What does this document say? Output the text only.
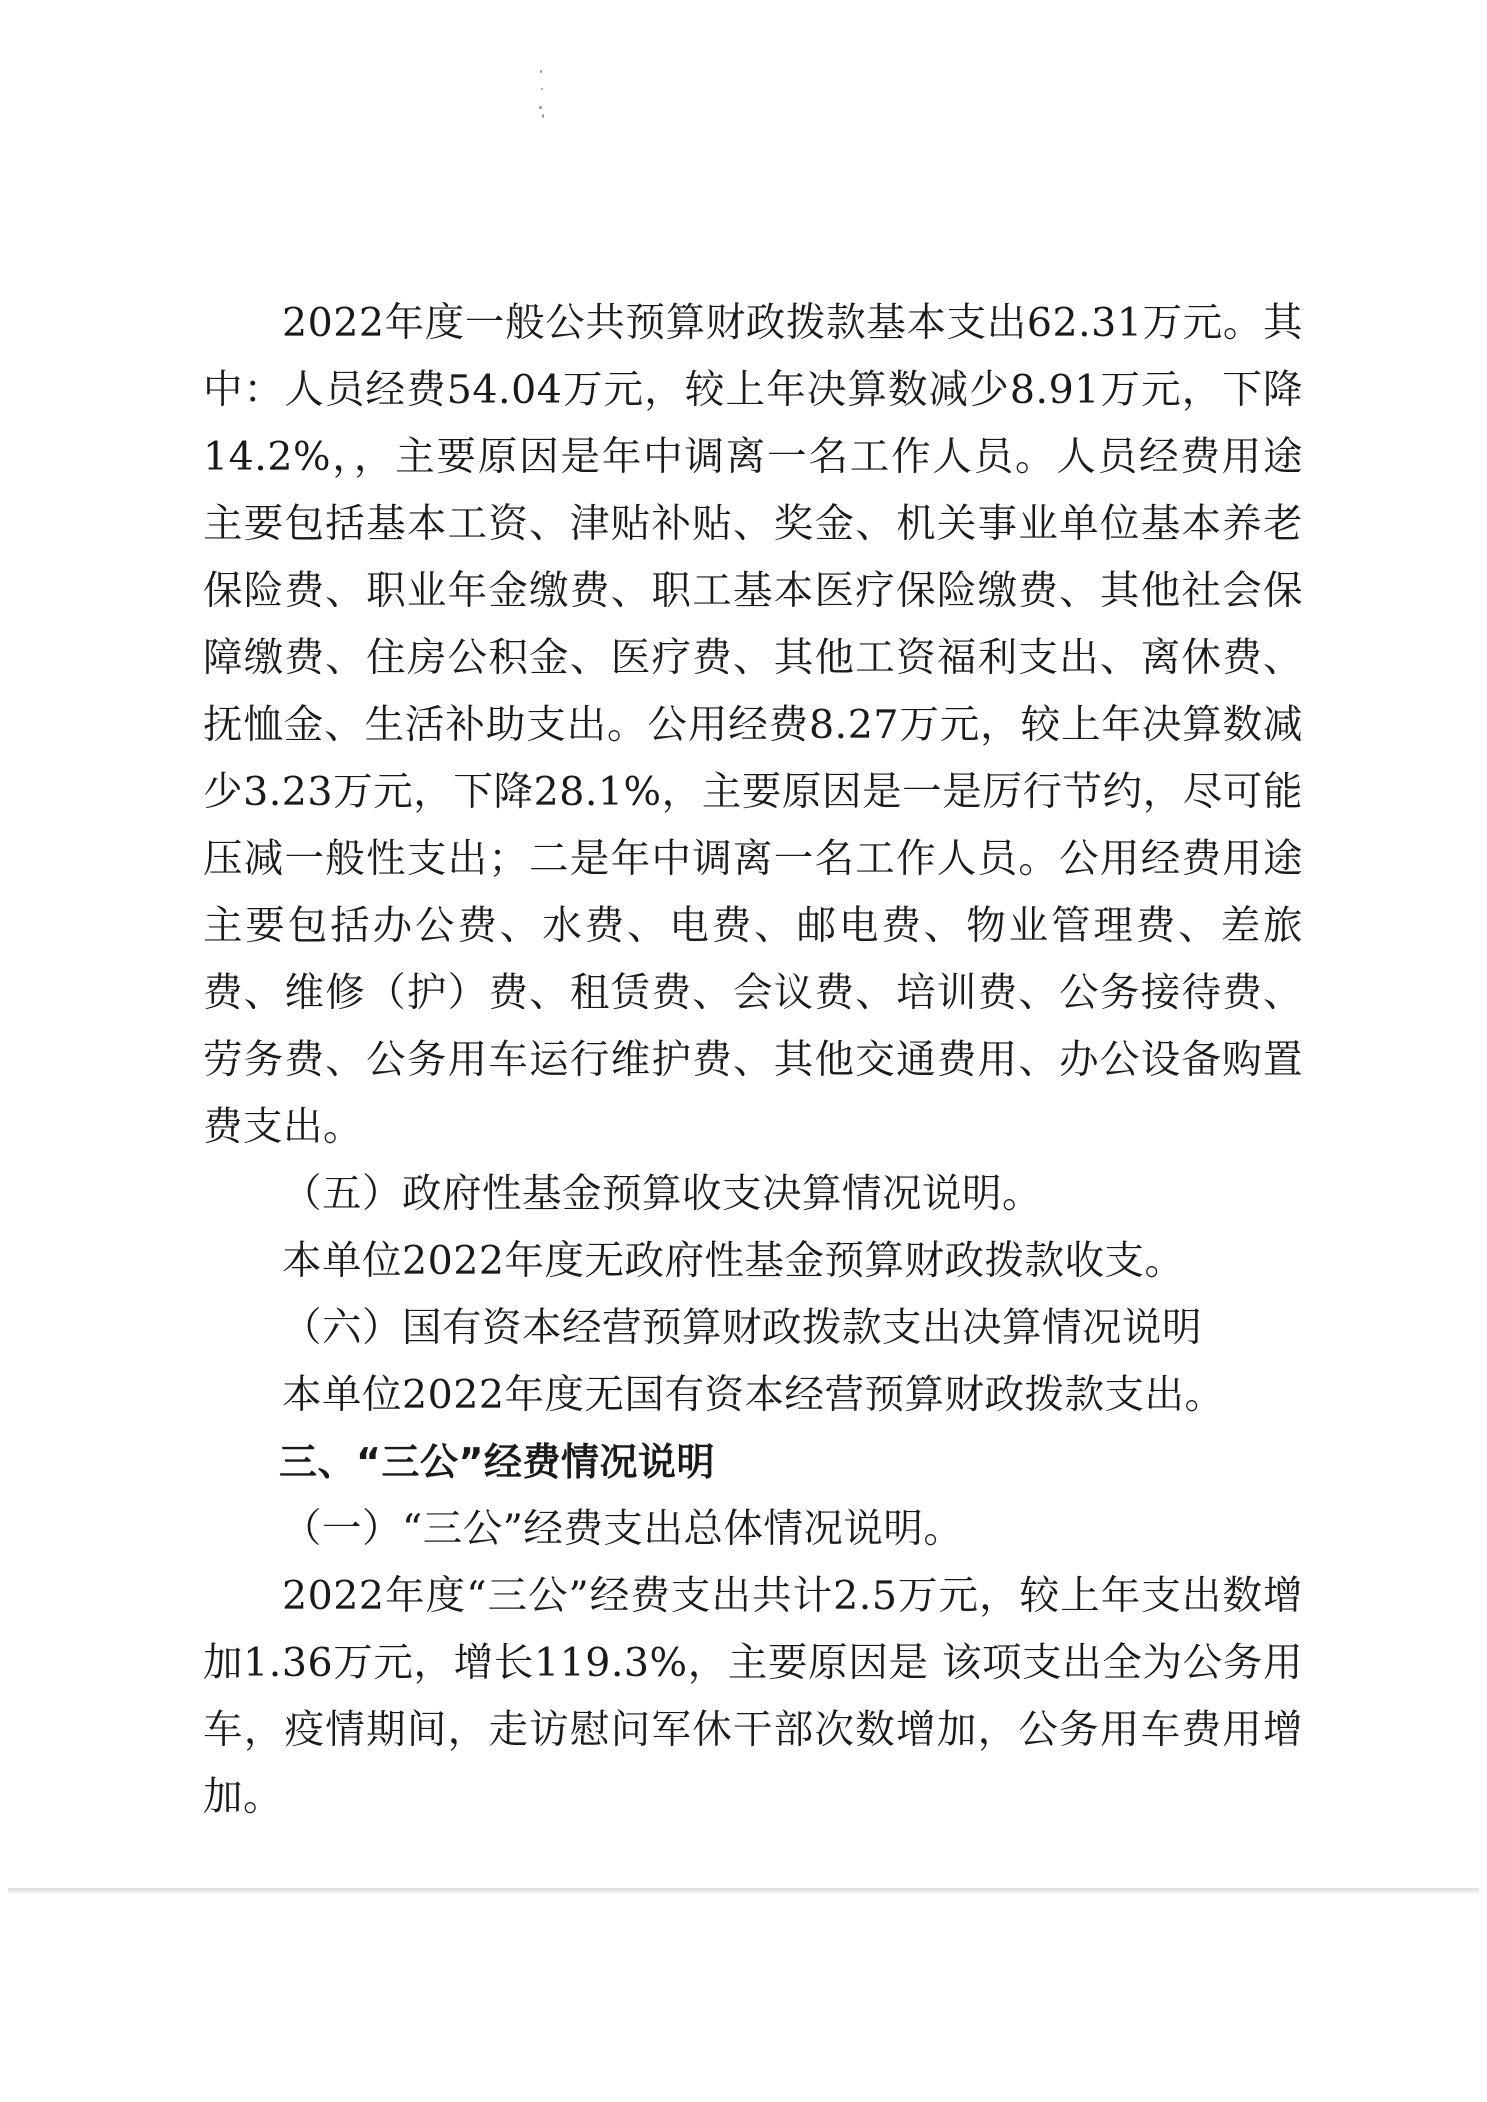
2022年度一般公共预算财政拨款基本支出62.31万元。其中：人员经费54.04万元，较上年决算数减少8.91万元，下降14.2%，，主要原因是年中调离一名工作人员。人员经费用途主要包括基本工资、津贴补贴、奖金、机关事业单位基本养老保险费、职业年金缴费、职工基本医疗保险缴费、其他社会保障缴费、住房公积金、医疗费、其他工资福利支出、离休费、抚恤金、生活补助支出。公用经费8.27万元，较上年决算数减少3.23万元，下降28.1%，主要原因是一是厉行节约，尽可能压减一般性支出；二是年中调离一名工作人员。公用经费用途主要包括办公费、水费、电费、邮电费、物业管理费、差旅费、维修（护）费、租赁费、会议费、培训费、公务接待费、劳务费、公务用车运行维护费、其他交通费用、办公设备购置费支出。

（五）政府性基金预算收支决算情况说明。

本单位2022年度无政府性基金预算财政拨款收支。

（六）国有资本经营预算财政拨款支出决算情况说明

本单位2022年度无国有资本经营预算财政拨款支出。

三、“三公”经费情况说明

（一）“三公”经费支出总体情况说明。

2022年度“三公”经费支出共计2.5万元，较上年支出数增加1.36万元，增长119.3%，主要原因是 该项支出全为公务用车，疫情期间，走访慰问军休干部次数增加，公务用车费用增加。
